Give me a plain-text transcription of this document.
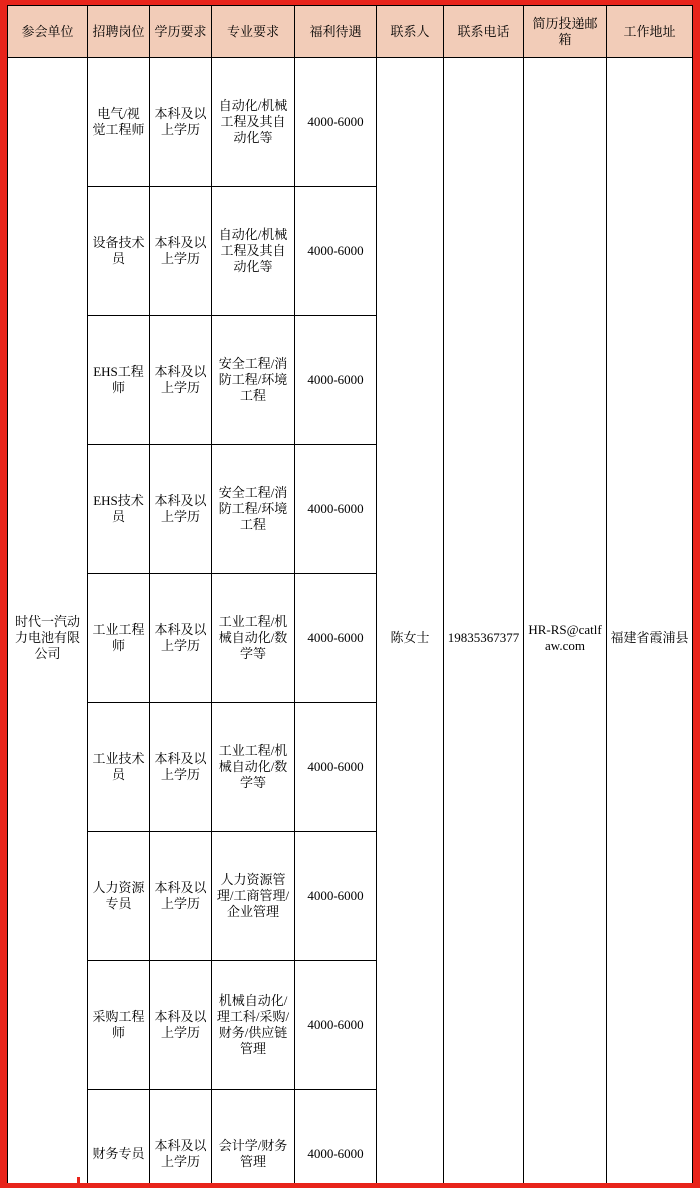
参会单位	招聘岗位	学历要求	专业要求	福利待遇	联系人	联系电话	简历投递邮箱	工作地址
时代一汽动力电池有限公司	电气/视觉工程师	本科及以上学历	自动化/机械工程及其自动化等	4000-6000	陈女士	19835367377	HR-RS@catlfaw.com	福建省霞浦县
	设备技术员	本科及以上学历	自动化/机械工程及其自动化等	4000-6000				
	EHS工程师	本科及以上学历	安全工程/消防工程/环境工程	4000-6000				
	EHS技术员	本科及以上学历	安全工程/消防工程/环境工程	4000-6000				
	工业工程师	本科及以上学历	工业工程/机械自动化/数学等	4000-6000				
	工业技术员	本科及以上学历	工业工程/机械自动化/数学等	4000-6000				
	人力资源专员	本科及以上学历	人力资源管理/工商管理/企业管理	4000-6000				
	采购工程师	本科及以上学历	机械自动化/理工科/采购/财务/供应链管理	4000-6000				
	财务专员	本科及以上学历	会计学/财务管理	4000-6000				
